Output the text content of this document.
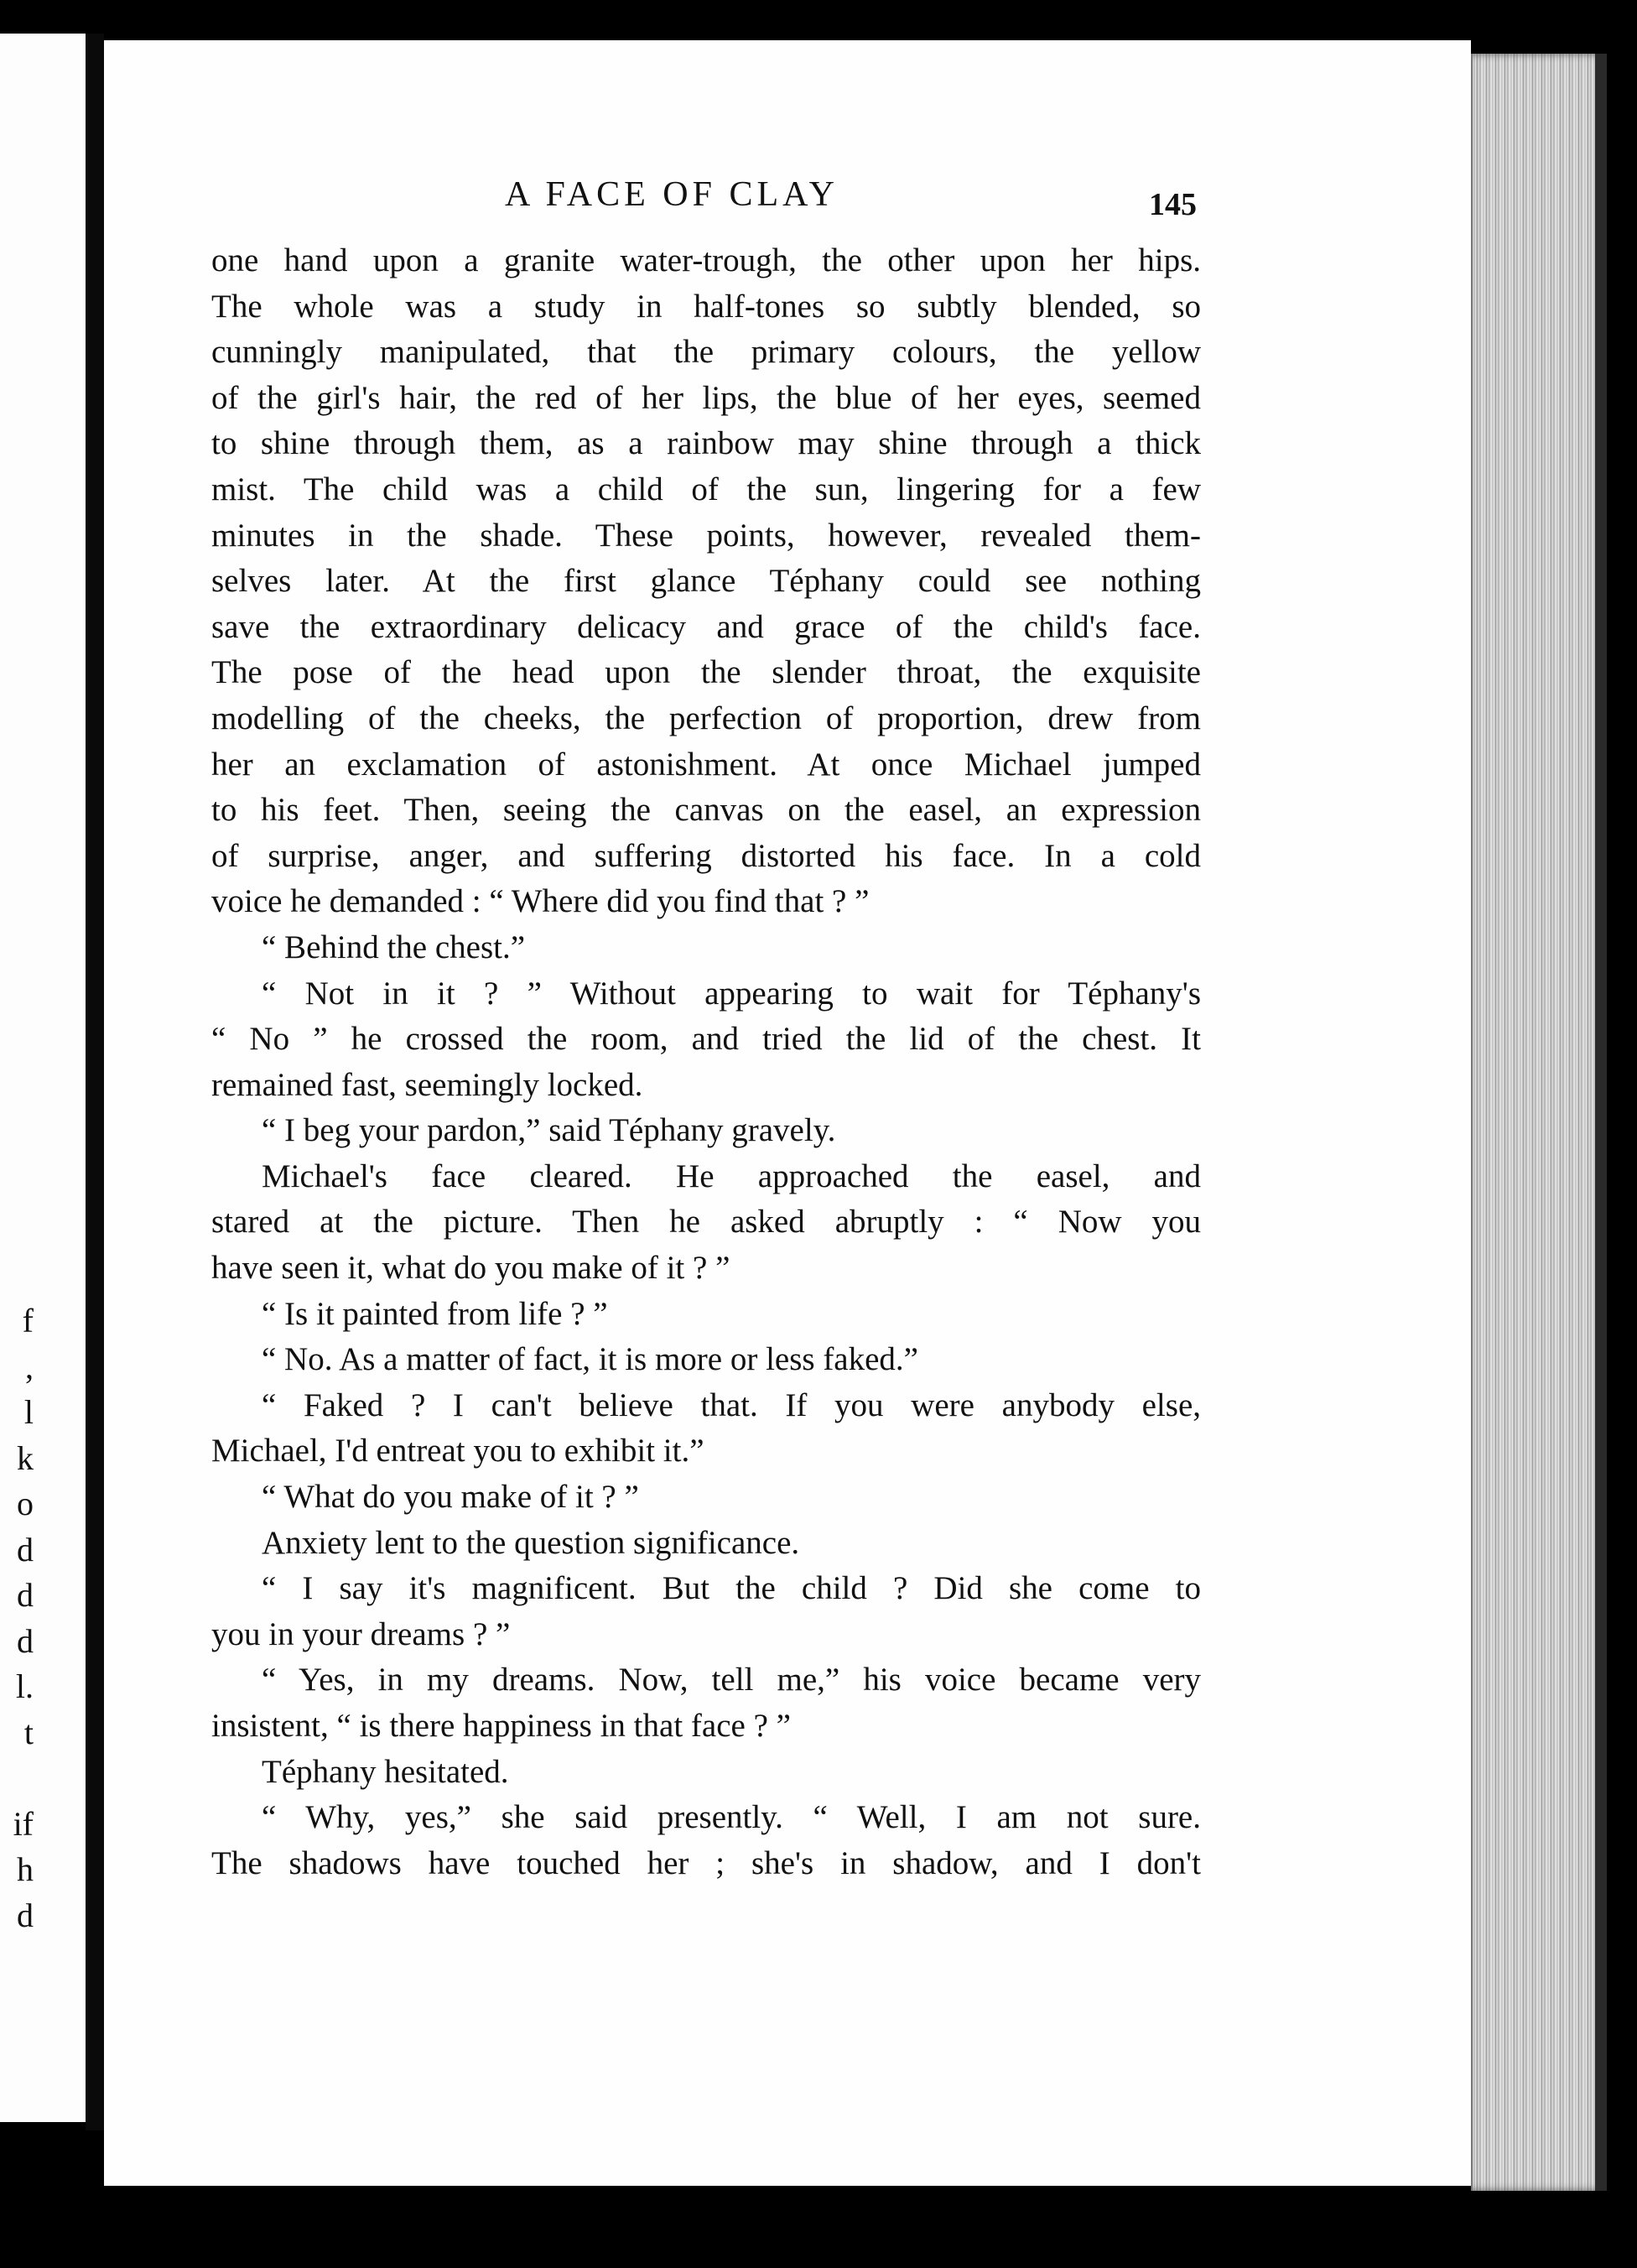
f
,
l
k
o
d
d
d
l.
t
if
h
d
A FACE OF CLAY	145
one hand upon a granite water-trough, the other upon her hips.
The whole was a study in half-tones so subtly blended, so
cunningly manipulated, that the primary colours, the yellow
of the girl's hair, the red of her lips, the blue of her eyes, seemed
to shine through them, as a rainbow may shine through a thick
mist. The child was a child of the sun, lingering for a few
minutes in the shade. These points, however, revealed them-
selves later. At the first glance Téphany could see nothing
save the extraordinary delicacy and grace of the child's face.
The pose of the head upon the slender throat, the exquisite
modelling of the cheeks, the perfection of proportion, drew from
her an exclamation of astonishment. At once Michael jumped
to his feet. Then, seeing the canvas on the easel, an expression
of surprise, anger, and suffering distorted his face. In a cold
voice he demanded : “ Where did you find that ? ”
“ Behind the chest.”
“ Not in it ? ” Without appearing to wait for Téphany's
“ No ” he crossed the room, and tried the lid of the chest. It
remained fast, seemingly locked.
“ I beg your pardon,” said Téphany gravely.
Michael's face cleared. He approached the easel, and
stared at the picture. Then he asked abruptly : “ Now you
have seen it, what do you make of it ? ”
“ Is it painted from life ? ”
“ No. As a matter of fact, it is more or less faked.”
“ Faked ? I can't believe that. If you were anybody else,
Michael, I'd entreat you to exhibit it.”
“ What do you make of it ? ”
Anxiety lent to the question significance.
“ I say it's magnificent. But the child ? Did she come to
you in your dreams ? ”
“ Yes, in my dreams. Now, tell me,” his voice became very
insistent, “ is there happiness in that face ? ”
Téphany hesitated.
“ Why, yes,” she said presently. “ Well, I am not sure.
The shadows have touched her ; she's in shadow, and I don't
